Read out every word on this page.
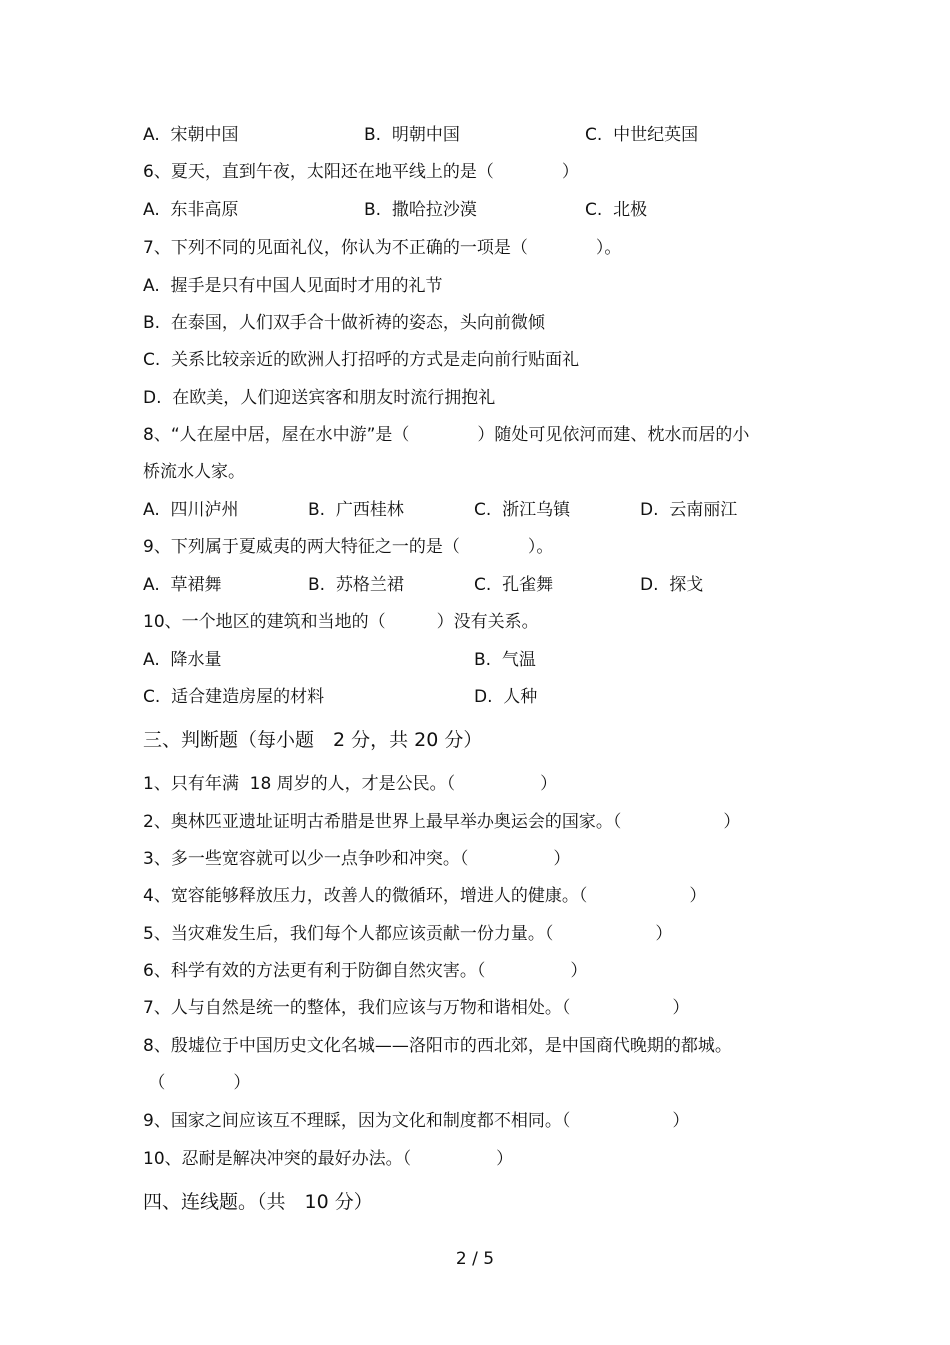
A.  宋朝中国	B.  明朝中国	C.  中世纪英国
6、夏天，直到午夜，太阳还在地平线上的是（　　　　）
A.  东非高原	B.  撒哈拉沙漠	C.  北极
7、下列不同的见面礼仪，你认为不正确的一项是（　　　　）。
A.  握手是只有中国人见面时才用的礼节
B.  在泰国，人们双手合十做祈祷的姿态，头向前微倾
C.  关系比较亲近的欧洲人打招呼的方式是走向前行贴面礼
D.  在欧美，人们迎送宾客和朋友时流行拥抱礼
8、“人在屋中居，屋在水中游”是（　　　　）随处可见依河而建、枕水而居的小
桥流水人家。
A.  四川泸州	B.  广西桂林	C.  浙江乌镇	D.  云南丽江
9、下列属于夏威夷的两大特征之一的是（　　　　）。
A.  草裙舞	B.  苏格兰裙	C.  孔雀舞	D.  探戈
10、一个地区的建筑和当地的（　　　）没有关系。
A.  降水量	B.  气温
C.  适合建造房屋的材料	D.  人种
三、判断题（每小题　2 分，共 20 分）
1、只有年满  18 周岁的人，才是公民。（　　　　　）
2、奥林匹亚遗址证明古希腊是世界上最早举办奥运会的国家。（　　　　　　）
3、多一些宽容就可以少一点争吵和冲突。（　　　　　）
4、宽容能够释放压力，改善人的微循环，增进人的健康。（　　　　　　）
5、当灾难发生后，我们每个人都应该贡献一份力量。（　　　　　　）
6、科学有效的方法更有利于防御自然灾害。（　　　　　）
7、人与自然是统一的整体，我们应该与万物和谐相处。（　　　　　　）
8、殷墟位于中国历史文化名城——洛阳市的西北郊，是中国商代晚期的都城。
（　　　　）
9、国家之间应该互不理睬，因为文化和制度都不相同。（　　　　　　）
10、忍耐是解决冲突的最好办法。（　　　　　）
四、连线题。（共　10 分）
2 / 5
